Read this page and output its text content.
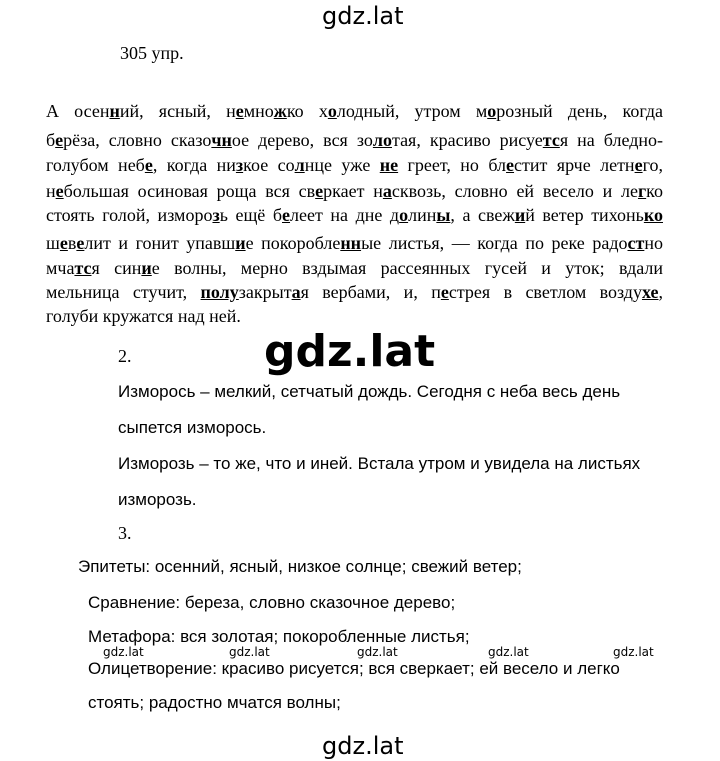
gdz.lat
gdz.lat
gdz.lat
gdz.lat	gdz.lat	gdz.lat	gdz.lat	gdz.lat
305 упр.
А осенний, ясный, немножко холодный, утром морозный день, когда
берёза, словно сказочное дерево, вся золотая, красиво рисуется на бледно-
голубом небе, когда низкое солнце уже не греет, но блестит ярче летнего,
небольшая осиновая роща вся сверкает насквозь, словно ей весело и легко
стоять голой, изморозь ещё белеет на дне долины, а свежий ветер тихонько
шевелит и гонит упавшие покоробленные листья, — когда по реке радостно
мчатся синие волны, мерно вздымая рассеянных гусей и уток; вдали
мельница стучит, полузакрытая вербами, и, пестрея в светлом воздухе,
голуби кружатся над ней.
2.
Изморось – мелкий, сетчатый дождь. Сегодня с неба весь день
сыпется изморось.
Изморозь – то же, что и иней. Встала утром и увидела на листьях
изморозь.
3.
Эпитеты: осенний, ясный, низкое солнце; свежий ветер;
Сравнение: береза, словно сказочное дерево;
Метафора: вся золотая; покоробленные листья;
Олицетворение: красиво рисуется; вся сверкает; ей весело и легко
стоять; радостно мчатся волны;
